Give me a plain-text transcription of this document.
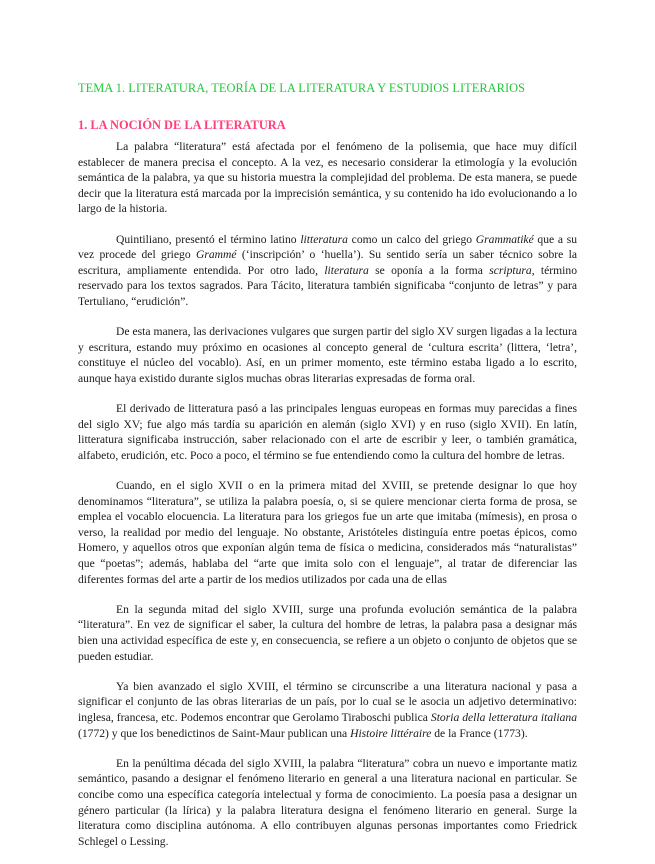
TEMA 1. LITERATURA, TEORÍA DE LA LITERATURA Y ESTUDIOS LITERARIOS
1. LA NOCIÓN DE LA LITERATURA

La palabra “literatura” está afectada por el fenómeno de la polisemia, que hace muy difícil establecer de manera precisa el concepto. A la vez, es necesario considerar la etimología y la evolución semántica de la palabra, ya que su historia muestra la complejidad del problema. De esta manera, se puede decir que la literatura está marcada por la imprecisión semántica, y su contenido ha ido evolucionando a lo largo de la historia.

Quintiliano, presentó el término latino litteratura como un calco del griego Grammatiké que a su vez procede del griego Grammé (‘inscripción’ o ‘huella’). Su sentido sería un saber técnico sobre la escritura, ampliamente entendida. Por otro lado, literatura se oponía a la forma scriptura, término reservado para los textos sagrados. Para Tácito, literatura también significaba “conjunto de letras” y para Tertuliano, “erudición”.

De esta manera, las derivaciones vulgares que surgen partir del siglo XV surgen ligadas a la lectura y escritura, estando muy próximo en ocasiones al concepto general de ‘cultura escrita’ (littera, ‘letra’, constituye el núcleo del vocablo). Así, en un primer momento, este término estaba ligado a lo escrito, aunque haya existido durante siglos muchas obras literarias expresadas de forma oral.

El derivado de litteratura pasó a las principales lenguas europeas en formas muy parecidas a fines del siglo XV; fue algo más tardía su aparición en alemán (siglo XVI) y en ruso (siglo XVII). En latín, litteratura significaba instrucción, saber relacionado con el arte de escribir y leer, o también gramática, alfabeto, erudición, etc. Poco a poco, el término se fue entendiendo como la cultura del hombre de letras.

Cuando, en el siglo XVII o en la primera mitad del XVIII, se pretende designar lo que hoy denominamos “literatura”, se utiliza la palabra poesía, o, si se quiere mencionar cierta forma de prosa, se emplea el vocablo elocuencia. La literatura para los griegos fue un arte que imitaba (mímesis), en prosa o verso, la realidad por medio del lenguaje. No obstante, Aristóteles distinguía entre poetas épicos, como Homero, y aquellos otros que exponían algún tema de física o medicina, considerados más “naturalistas” que “poetas”; además, hablaba del “arte que imita solo con el lenguaje”, al tratar de diferenciar las diferentes formas del arte a partir de los medios utilizados por cada una de ellas

En la segunda mitad del siglo XVIII, surge una profunda evolución semántica de la palabra “literatura”. En vez de significar el saber, la cultura del hombre de letras, la palabra pasa a designar más bien una actividad específica de este y, en consecuencia, se refiere a un objeto o conjunto de objetos que se pueden estudiar.

Ya bien avanzado el siglo XVIII, el término se circunscribe a una literatura nacional y pasa a significar el conjunto de las obras literarias de un país, por lo cual se le asocia un adjetivo determinativo: inglesa, francesa, etc. Podemos encontrar que Gerolamo Tiraboschi publica Storia della letteratura italiana (1772) y que los benedictinos de Saint-Maur publican una Histoire littéraire de la France (1773).

En la penúltima década del siglo XVIII, la palabra “literatura” cobra un nuevo e importante matiz semántico, pasando a designar el fenómeno literario en general a una literatura nacional en particular. Se concibe como una específica categoría intelectual y forma de conocimiento. La poesía pasa a designar un género particular (la lírica) y la palabra literatura designa el fenómeno literario en general. Surge la literatura como disciplina autónoma. A ello contribuyen algunas personas importantes como Friedrick Schlegel o Lessing.
